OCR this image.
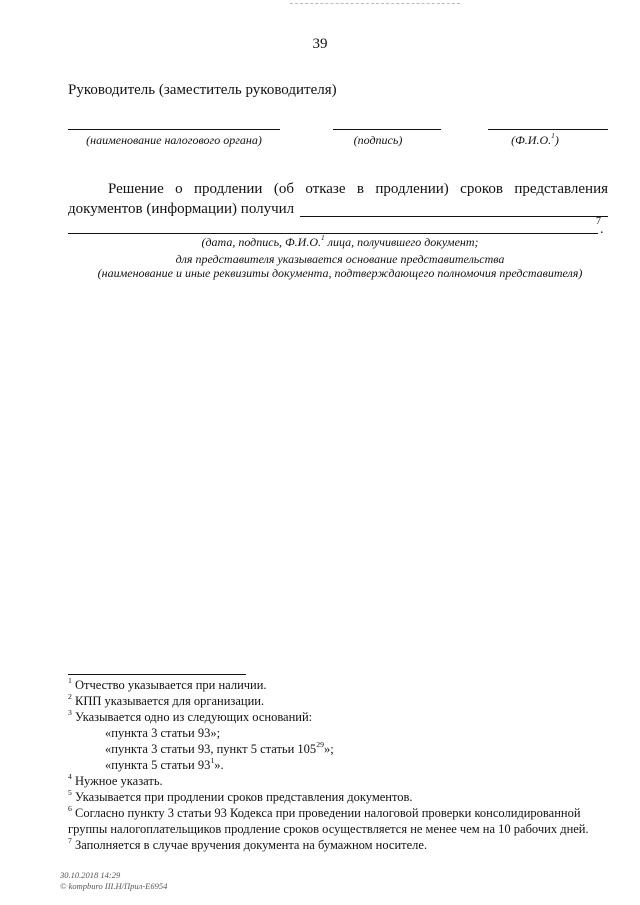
39
Руководитель (заместитель руководителя)
(наименование налогового органа)	(подпись)	(Ф.И.О.$^1$)
Решение о продлении (об отказе в продлении) сроков представления
документов (информации) получил
7
.
(дата, подпись, Ф.И.О.$^1$ лица, получившего документ;
для представителя указывается основание представительства
(наименование и иные реквизиты документа, подтверждающего полномочия представителя)
$^1$ Отчество указывается при наличии.
$^2$ КПП указывается для организации.
$^3$ Указывается одно из следующих оснований:
«пункта 3 статьи 93»;
«пункта 3 статьи 93, пункт 5 статьи $105^{29}$»;
«пункта 5 статьи $93^1$».
$^4$ Нужное указать.
$^5$ Указывается при продлении сроков представления документов.
$^6$ Согласно пункту 3 статьи 93 Кодекса при проведении налоговой проверки консолидированной
группы налогоплательщиков продление сроков осуществляется не менее чем на 10 рабочих дней.
$^7$ Заполняется в случае вручения документа на бумажном носителе.
30.10.2018 14:29
© kompburo III.H/Прил-E6954
